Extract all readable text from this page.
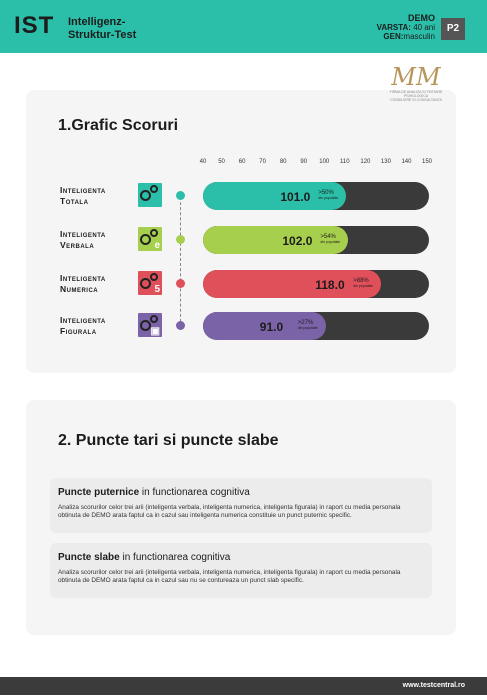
IST Intelligenz-
Struktur-Test
DEMO
VARSTA: 40 ani
GEN:masculin
P2
MM
FIRMA DE ANALIZA SI TESTARE PSIHOLOGICA
CONSILIERE SI CONSULTANTA
1.Grafic Scoruri
40 50 60 70 80 90 100 110 120 130 140 150
Inteligenta
Totala	101.0 >50%
din populatie
Inteligenta
Verbala	e	102.0 >54%
din populatie
Inteligenta
Numerica	5	118.0 >88%
din populatie
Inteligenta
Figurala	▣	91.0 >27%
din populatie
2. Puncte tari si puncte slabe
Puncte puternice in functionarea cognitiva
Analiza scorurilor celor trei arii (inteligenta verbala, inteligenta numerica, inteligenta figurala) in raport cu media personala obtinuta de DEMO arata faptul ca in cazul sau inteligenta numerica constituie un punct puternic specific.
Puncte slabe in functionarea cognitiva
Analiza scorurilor celor trei arii (inteligenta verbala, inteligenta numerica, inteligenta figurala) in raport cu media personala obtinuta de DEMO arata faptul ca in cazul sau nu se contureaza un punct slab specific.
www.testcentral.ro
